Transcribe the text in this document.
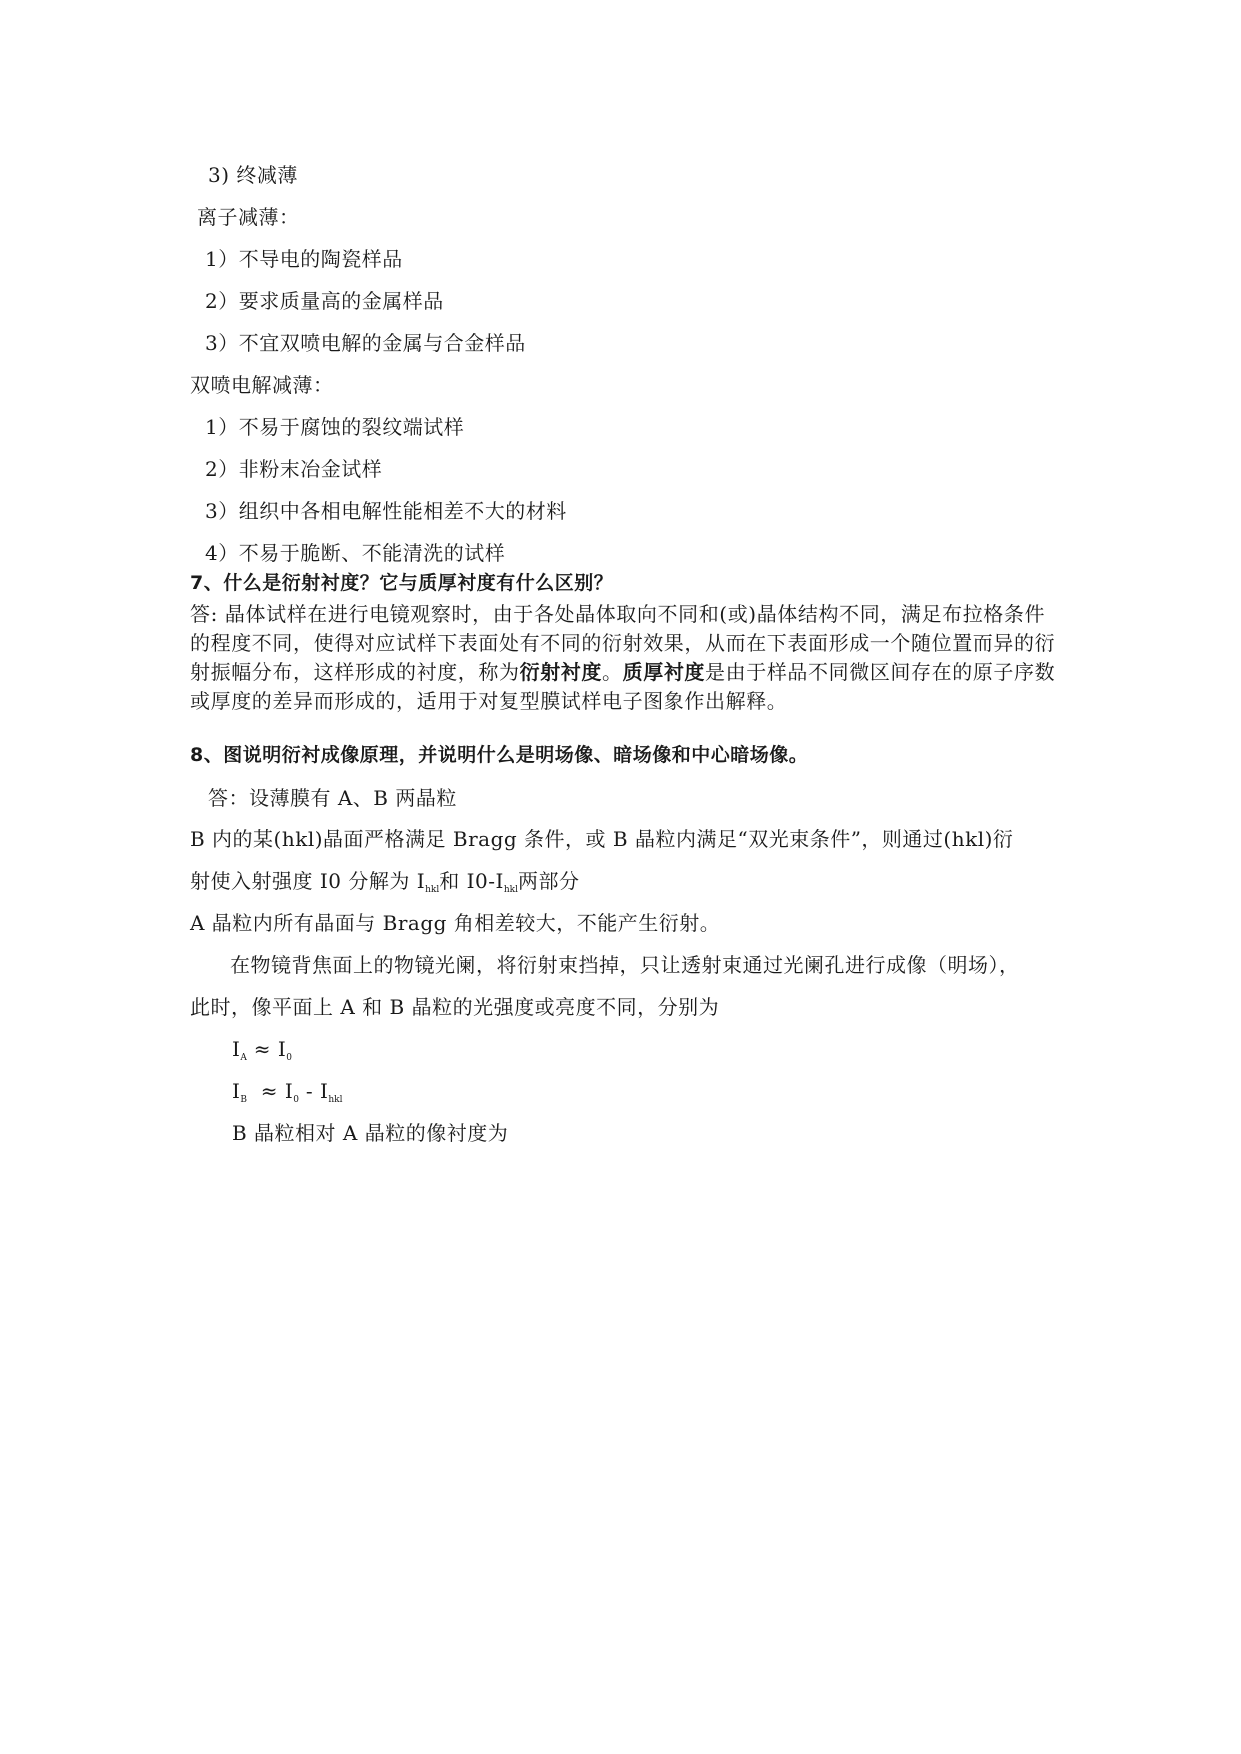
3) 终减薄
离子减薄：
1）不导电的陶瓷样品
2）要求质量高的金属样品
3）不宜双喷电解的金属与合金样品
双喷电解减薄：
1）不易于腐蚀的裂纹端试样
2）非粉末冶金试样
3）组织中各相电解性能相差不大的材料
4）不易于脆断、不能清洗的试样
7、什么是衍射衬度？它与质厚衬度有什么区别？
答: 晶体试样在进行电镜观察时，由于各处晶体取向不同和(或)晶体结构不同，满足布拉格条件的程度不同，使得对应试样下表面处有不同的衍射效果，从而在下表面形成一个随位置而异的衍射振幅分布，这样形成的衬度，称为衍射衬度。质厚衬度是由于样品不同微区间存在的原子序数或厚度的差异而形成的，适用于对复型膜试样电子图象作出解释。
8、图说明衍衬成像原理，并说明什么是明场像、暗场像和中心暗场像。
答：设薄膜有 A、B 两晶粒
B 内的某(hkl)晶面严格满足 Bragg 条件，或 B 晶粒内满足“双光束条件”，则通过(hkl)衍
射使入射强度 I0 分解为 $I_{hkl}$和 $I0-I_{hkl}$两部分
A 晶粒内所有晶面与 Bragg 角相差较大，不能产生衍射。
在物镜背焦面上的物镜光阑，将衍射束挡掉，只让透射束通过光阑孔进行成像（明场），
此时，像平面上 A 和 B 晶粒的光强度或亮度不同，分别为
$I_A \approx I_0$
$I_B \approx I_0 - I_{hkl}$
B 晶粒相对 A 晶粒的像衬度为
